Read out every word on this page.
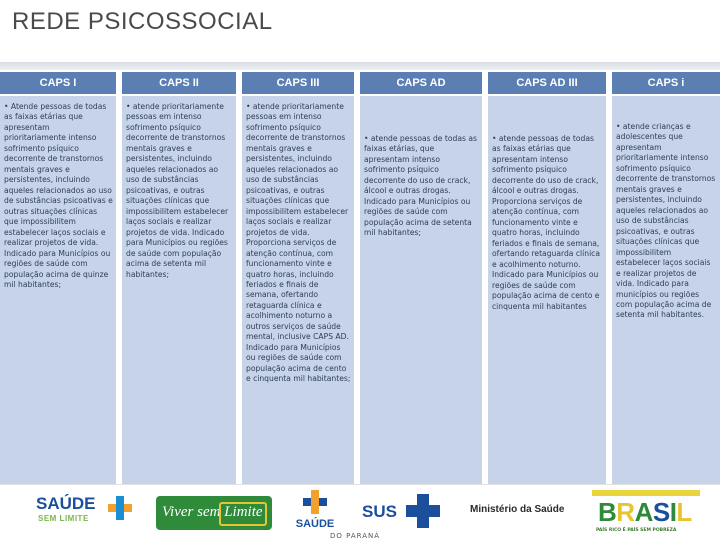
REDE PSICOSSOCIAL
CAPS I
• Atende pessoas de todas as faixas etárias que apresentam prioritariamente intenso sofrimento psíquico decorrente de transtornos mentais graves e persistentes, incluindo aqueles relacionados ao uso de substâncias psicoativas e outras situações clínicas que impossibilitem estabelecer laços sociais e realizar projetos de vida. Indicado para Municípios ou regiões de saúde com população acima de quinze mil habitantes;
CAPS II
• atende prioritariamente pessoas em intenso sofrimento psíquico decorrente de transtornos mentais graves e persistentes, incluindo aqueles relacionados ao uso de substâncias psicoativas, e outras situações clínicas que impossibilitem estabelecer laços sociais e realizar projetos de vida. Indicado para Municípios ou regiões de saúde com população acima de setenta mil habitantes;
CAPS III
• atende prioritariamente pessoas em intenso sofrimento psíquico decorrente de transtornos mentais graves e persistentes, incluindo aqueles relacionados ao uso de substâncias psicoativas, e outras situações clínicas que impossibilitem estabelecer laços sociais e realizar projetos de vida. Proporciona serviços de atenção contínua, com funcionamento vinte e quatro horas, incluindo feriados e finais de semana, ofertando retaguarda clínica e acolhimento noturno a outros serviços de saúde mental, inclusive CAPS AD. Indicado para Municípios ou regiões de saúde com população acima de cento e cinquenta mil habitantes;
CAPS AD
• atende pessoas de todas as faixas etárias, que apresentam intenso sofrimento psíquico decorrente do uso de crack, álcool e outras drogas. Indicado para Municípios ou regiões de saúde com população acima de setenta mil habitantes;
CAPS AD III
• atende pessoas de todas as faixas etárias que apresentam intenso sofrimento psíquico decorrente do uso de crack, álcool e outras drogas. Proporciona serviços de atenção contínua, com funcionamento vinte e quatro horas, incluindo feriados e finais de semana, ofertando retaguarda clínica e acolhimento noturno. Indicado para Municípios ou regiões de saúde com população acima de cento e cinquenta mil habitantes
CAPS i
• atende crianças e adolescentes que apresentam prioritariamente intenso sofrimento psíquico decorrente de transtornos mentais graves e persistentes, incluindo aqueles relacionados ao uso de substâncias psicoativas, e outras situações clínicas que impossibilitem estabelecer laços sociais e realizar projetos de vida. Indicado para municípios ou regiões com população acima de setenta mil habitantes.
SAÚDE
SEM LIMITE	Viver sem Limite
SAÚDE
DO PARANÁ
SUS	Ministério da Saúde BRASIL
PAÍS RICO É PAÍS SEM POBREZA
